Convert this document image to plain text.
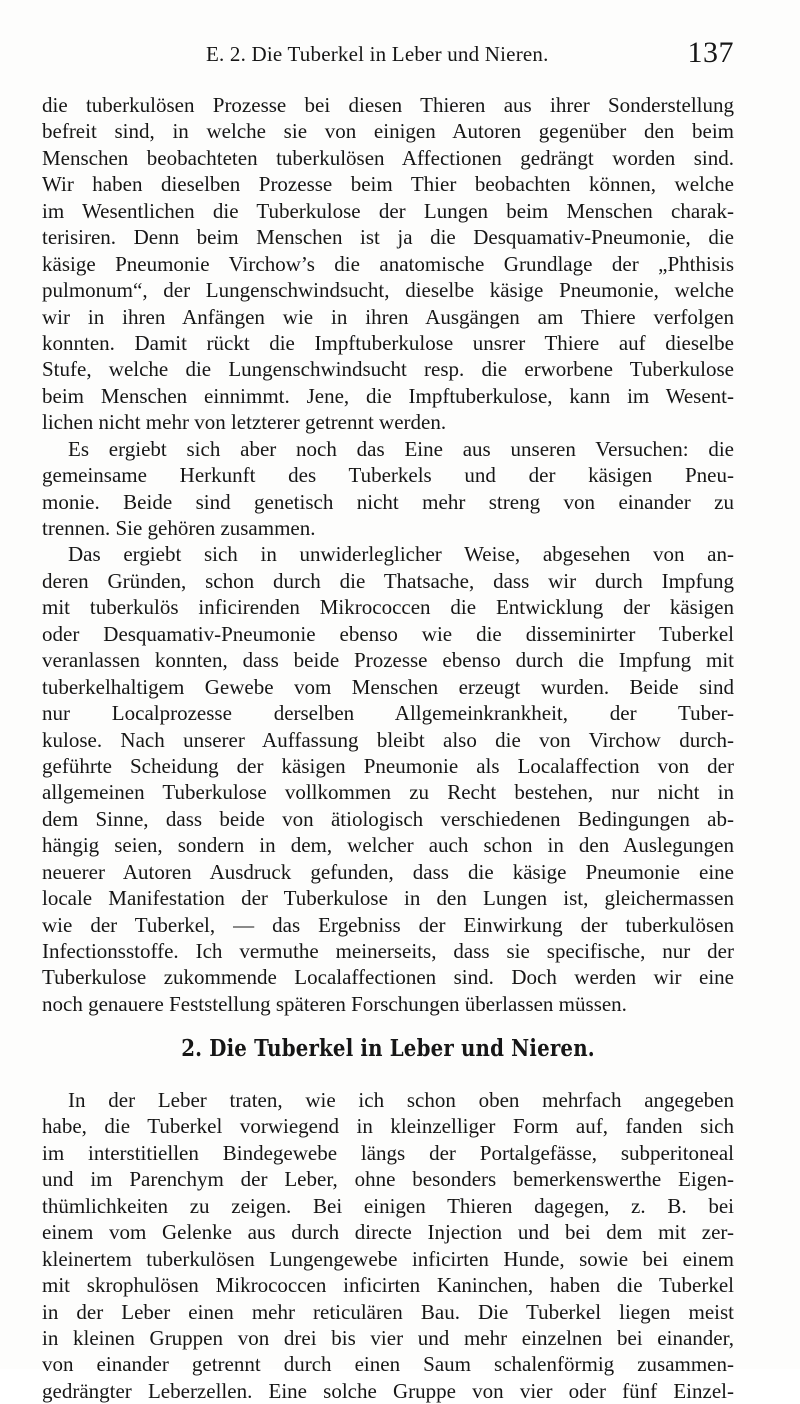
E. 2. Die Tuberkel in Leber und Nieren.	137
die tuberkulösen Prozesse bei diesen Thieren aus ihrer Sonderstellung
befreit sind, in welche sie von einigen Autoren gegenüber den beim
Menschen beobachteten tuberkulösen Affectionen gedrängt worden sind.
Wir haben dieselben Prozesse beim Thier beobachten können, welche
im Wesentlichen die Tuberkulose der Lungen beim Menschen charak-
terisiren. Denn beim Menschen ist ja die Desquamativ-Pneumonie, die
käsige Pneumonie Virchow’s die anatomische Grundlage der „Phthisis
pulmonum“, der Lungenschwindsucht, dieselbe käsige Pneumonie, welche
wir in ihren Anfängen wie in ihren Ausgängen am Thiere verfolgen
konnten. Damit rückt die Impftuberkulose unsrer Thiere auf dieselbe
Stufe, welche die Lungenschwindsucht resp. die erworbene Tuberkulose
beim Menschen einnimmt. Jene, die Impftuberkulose, kann im Wesent-
lichen nicht mehr von letzterer getrennt werden.
Es ergiebt sich aber noch das Eine aus unseren Versuchen: die
gemeinsame Herkunft des Tuberkels und der käsigen Pneu-
monie. Beide sind genetisch nicht mehr streng von einander zu
trennen. Sie gehören zusammen.
Das ergiebt sich in unwiderleglicher Weise, abgesehen von an-
deren Gründen, schon durch die Thatsache, dass wir durch Impfung
mit tuberkulös inficirenden Mikrococcen die Entwicklung der käsigen
oder Desquamativ-Pneumonie ebenso wie die disseminirter Tuberkel
veranlassen konnten, dass beide Prozesse ebenso durch die Impfung mit
tuberkelhaltigem Gewebe vom Menschen erzeugt wurden. Beide sind
nur Localprozesse derselben Allgemeinkrankheit, der Tuber-
kulose. Nach unserer Auffassung bleibt also die von Virchow durch-
geführte Scheidung der käsigen Pneumonie als Localaffection von der
allgemeinen Tuberkulose vollkommen zu Recht bestehen, nur nicht in
dem Sinne, dass beide von ätiologisch verschiedenen Bedingungen ab-
hängig seien, sondern in dem, welcher auch schon in den Auslegungen
neuerer Autoren Ausdruck gefunden, dass die käsige Pneumonie eine
locale Manifestation der Tuberkulose in den Lungen ist, gleichermassen
wie der Tuberkel, — das Ergebniss der Einwirkung der tuberkulösen
Infectionsstoffe. Ich vermuthe meinerseits, dass sie specifische, nur der
Tuberkulose zukommende Localaffectionen sind. Doch werden wir eine
noch genauere Feststellung späteren Forschungen überlassen müssen.
2. Die Tuberkel in Leber und Nieren.
In der Leber traten, wie ich schon oben mehrfach angegeben
habe, die Tuberkel vorwiegend in kleinzelliger Form auf, fanden sich
im interstitiellen Bindegewebe längs der Portalgefässe, subperitoneal
und im Parenchym der Leber, ohne besonders bemerkenswerthe Eigen-
thümlichkeiten zu zeigen. Bei einigen Thieren dagegen, z. B. bei
einem vom Gelenke aus durch directe Injection und bei dem mit zer-
kleinertem tuberkulösen Lungengewebe inficirten Hunde, sowie bei einem
mit skrophulösen Mikrococcen inficirten Kaninchen, haben die Tuberkel
in der Leber einen mehr reticulären Bau. Die Tuberkel liegen meist
in kleinen Gruppen von drei bis vier und mehr einzelnen bei einander,
von einander getrennt durch einen Saum schalenförmig zusammen-
gedrängter Leberzellen. Eine solche Gruppe von vier oder fünf Einzel-
